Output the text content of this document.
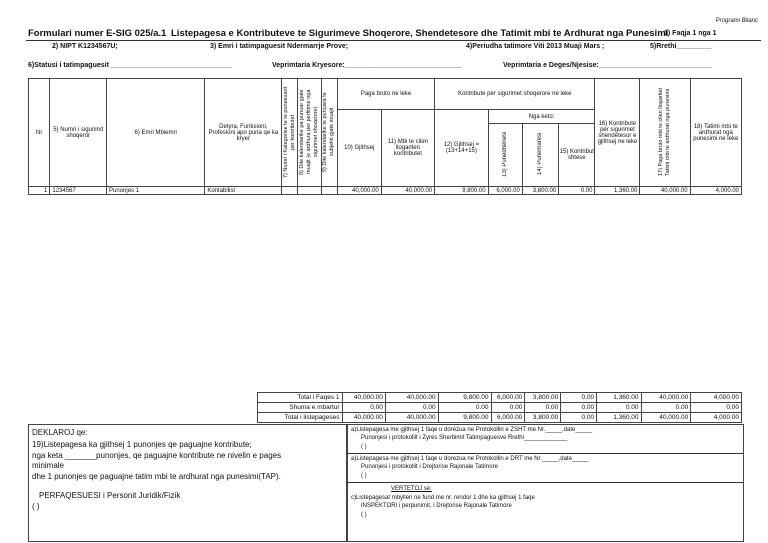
Programi Bilanc
Formulari numer E-SIG 025/a.1 Listepagesa e Kontributeve te Sigurimeve Shoqerore, Shendetesore dhe Tatimit mbi te Ardhurat nga Punesimi
1) Faqja 1 nga 1
2) NIPT K1234567U;	3) Emri i tatimpaguesit Ndermarrje Prove;	4)Periudha tatimore Viti 2013 Muaji Mars ;	5)Rrethi_________
6)Statusi i tatimpaguesit _______________________________	Veprimtaria Kryesore:______________________________	Veprimtaria e Deges/Njesise:_____________________________
Nr	5) Numri i sigurimit shoqeror	6) Emri Mbiemri	Detyra, Funksioni, Profesioni apo puna qe ka kryer	7) Numri i Kategorise te te punesuarit per kontributet	8) Dite kalendarike pa punuar gjate muajit (e ardhura per perfitime nga sigurimet shoqerore)	9) Dite kalendarike te punuara te subjekti gjate muajit	Paga bruto ne leke		Kontribute per sigurimet shoqerore ne leke				16) Kontribute per sigurimet shendetesor e gjithsej ne leke	17) Paga bruto mbi te cilen llogaritet Tatimi mbi te ardhurat nga punesimi	18) Tatimi mbi te ardhurat nga punesimi ne leke
							10) Gjithsej	11) Mbi te cilen llogariten kontributet	12) Gjithsej = (13+14+15)	Nga keto:					
										13) Punedhenesi	14) Punemaresi	15) Kontribut shtese			
1	1234567	Punonjes 1	Kontabilist				40,000.00	40,000.00	9,800.00	6,000.00	3,800.00	0.00	1,360.00	40,000.00	4,000.00
Total i Faqes 1	40,000.00	40,000.00	9,800.00	6,000.00	3,800.00	0.00	1,360.00	40,000.00	4,000.00
Shuma e mbartur	0.00	0.00	0.00	0.00	0.00	0.00	0.00	0.00	0.00
Total i listepageses	40,000.00	40,000.00	9,800.00	6,000.00	3,800.00	0.00	1,360.00	40,000.00	4,000.00
DEKLAROJ qe:
19)Listepagesa ka gjithsej 1 punonjes qe paguajne kontribute;
nga keta _______punonjes, qe paguajne kontribute ne nivelin e pages
minimale
dhe 1 punonjes qe paguajne tatim mbi te ardhurat nga punesimi(TAP).
PERFAQESUESI i Personit Juridik/Fizik
( )
a)Listepagesa me gjithsej 1 faqe u dorezua ne Protokollin e ZSHT me Nr._____,date_____
Punonjesi i protokollit i Zyres Sherbimit Tatimpaguesve Rrethi_____________
( )
a)Listepagesa me gjithsej 1 faqe u dorezua ne Protokollin e DRT me Nr._____,date_____
Punonjesi i protokollit i Drejtorise Rajonale Tatimore
( )
VERTETOJ se:
c)Listepagesat mbyllen ne fund me nr. rendor 1 dhe ka gjithsej 1 faqe
INSPEKTORI i perpunimit, i Drejtorise Rajonale Tatimore
( )
